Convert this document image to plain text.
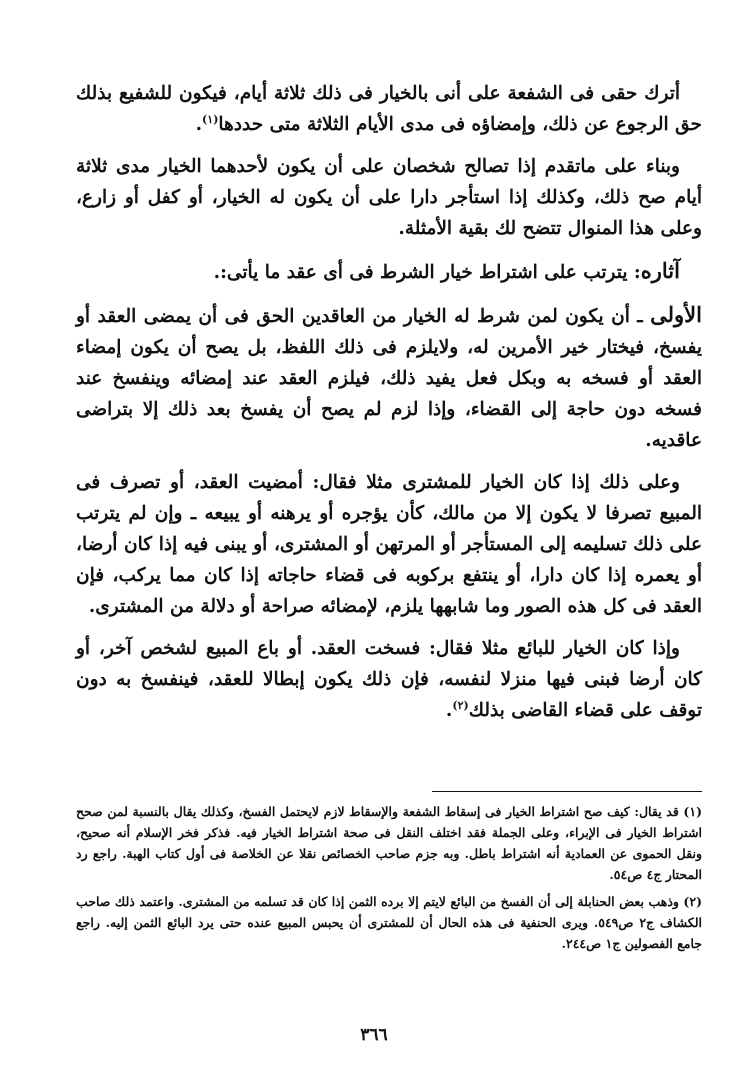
أترك حقى فى الشفعة على أنى بالخيار فى ذلك ثلاثة أيام، فيكون للشفيع بذلك حق الرجوع عن ذلك، وإمضاؤه فى مدى الأيام الثلاثة متى حددها$^{(١)}$.

وبناء على ماتقدم إذا تصالح شخصان على أن يكون لأحدهما الخيار مدى ثلاثة أيام صح ذلك، وكذلك إذا استأجر دارا على أن يكون له الخيار، أو كفل أو زارع، وعلى هذا المنوال تتضح لك بقية الأمثلة.

آثاره: يترتب على اشتراط خيار الشرط فى أى عقد ما يأتى:.

الأولى ـ أن يكون لمن شرط له الخيار من العاقدين الحق فى أن يمضى العقد أو يفسخ، فيختار خير الأمرين له، ولايلزم فى ذلك اللفظ، بل يصح أن يكون إمضاء العقد أو فسخه به وبكل فعل يفيد ذلك، فيلزم العقد عند إمضائه وينفسخ عند فسخه دون حاجة إلى القضاء، وإذا لزم لم يصح أن يفسخ بعد ذلك إلا بتراضى عاقديه.

وعلى ذلك إذا كان الخيار للمشترى مثلا فقال: أمضيت العقد، أو تصرف فى المبيع تصرفا لا يكون إلا من مالك، كأن يؤجره أو يرهنه أو يبيعه ـ وإن لم يترتب على ذلك تسليمه إلى المستأجر أو المرتهن أو المشترى، أو يبنى فيه إذا كان أرضا، أو يعمره إذا كان دارا، أو ينتفع بركوبه فى قضاء حاجاته إذا كان مما يركب، فإن العقد فى كل هذه الصور وما شابهها يلزم، لإمضائه صراحة أو دلالة من المشترى.

وإذا كان الخيار للبائع مثلا فقال: فسخت العقد. أو باع المبيع لشخص آخر، أو كان أرضا فبنى فيها منزلا لنفسه، فإن ذلك يكون إبطالا للعقد، فينفسخ به دون توقف على قضاء القاضى بذلك$^{(٢)}$.

(١) قد يقال: كيف صح اشتراط الخيار فى إسقاط الشفعة والإسقاط لازم لايحتمل الفسخ، وكذلك يقال بالنسبة لمن صحح اشتراط الخيار فى الإبراء، وعلى الجملة فقد اختلف النقل فى صحة اشتراط الخيار فيه. فذكر فخر الإسلام أنه صحيح، ونقل الحموى عن العمادية أنه اشتراط باطل. وبه جزم صاحب الخصائص نقلا عن الخلاصة فى أول كتاب الهبة. راجع رد المحتار ج٤ ص٥٤.

(٢) وذهب بعض الحنابلة إلى أن الفسخ من البائع لايتم إلا برده الثمن إذا كان قد تسلمه من المشترى. واعتمد ذلك صاحب الكشاف ج٢ ص٥٤٩. ويرى الحنفية فى هذه الحال أن للمشترى أن يحبس المبيع عنده حتى يرد البائع الثمن إليه. راجع جامع الفصولين ج١ ص٢٤٤.

٣٦٦
